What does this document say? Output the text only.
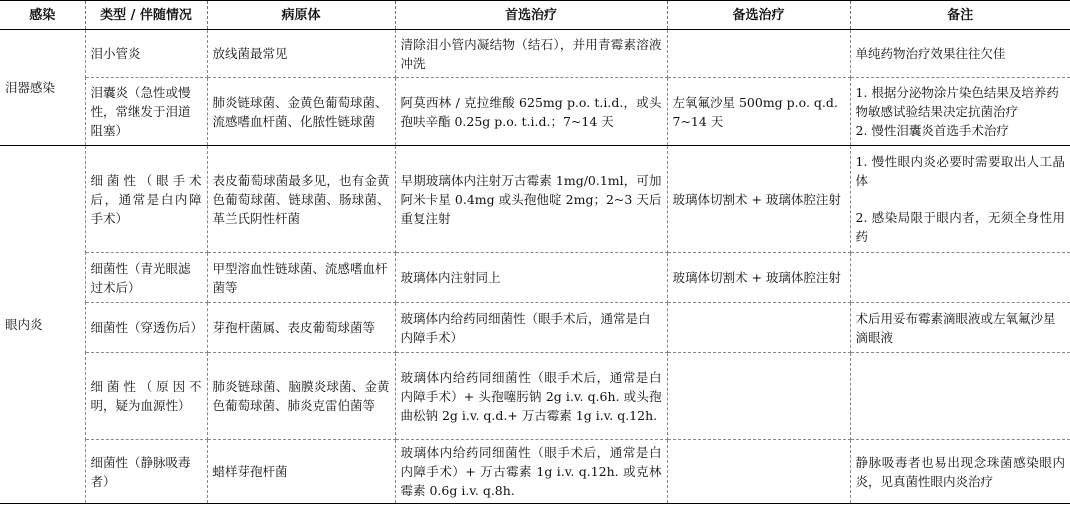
感染	类型 / 伴随情况	病原体	首选治疗	备选治疗	备注
泪器感染	泪小管炎	放线菌最常见	清除泪小管内凝结物（结石），并用青霉素溶液冲洗		单纯药物治疗效果往往欠佳
	泪囊炎（急性或慢性，常继发于泪道阻塞）	肺炎链球菌、金黄色葡萄球菌、流感嗜血杆菌、化脓性链球菌	阿莫西林 / 克拉维酸 625mg p.o. t.i.d.，或头孢呋辛酯 0.25g p.o. t.i.d.；7~14 天	左氧氟沙星 500mg p.o. q.d. 7~14 天	1. 根据分泌物涂片染色结果及培养药物敏感试验结果决定抗菌治疗
2. 慢性泪囊炎首选手术治疗

眼内炎	细菌性（眼手术后，通常是白内障手术）	表皮葡萄球菌最多见，也有金黄色葡萄球菌、链球菌、肠球菌、革兰氏阴性杆菌	早期玻璃体内注射万古霉素 1mg/0.1ml，可加阿米卡星 0.4mg 或头孢他啶 2mg；2~3 天后重复注射	玻璃体切割术 + 玻璃体腔注射	1. 慢性眼内炎必要时需要取出人工晶体
2. 感染局限于眼内者，无须全身性用药

	细菌性（青光眼滤过术后）	甲型溶血性链球菌、流感嗜血杆菌等	玻璃体内注射同上	玻璃体切割术 + 玻璃体腔注射	
	细菌性（穿透伤后）	芽孢杆菌属、表皮葡萄球菌等	玻璃体内给药同细菌性（眼手术后，通常是白内障手术）		术后用妥布霉素滴眼液或左氧氟沙星滴眼液
	细菌性（原因不明，疑为血源性）	肺炎链球菌、脑膜炎球菌、金黄色葡萄球菌、肺炎克雷伯菌等	玻璃体内给药同细菌性（眼手术后，通常是白内障手术）+ 头孢噻肟钠 2g i.v. q.6h. 或头孢曲松钠 2g i.v. q.d.+ 万古霉素 1g i.v. q.12h.		
	细菌性（静脉吸毒者）	蜡样芽孢杆菌	玻璃体内给药同细菌性（眼手术后，通常是白内障手术）+ 万古霉素 1g i.v. q.12h. 或克林霉素 0.6g i.v. q.8h.		静脉吸毒者也易出现念珠菌感染眼内炎，见真菌性眼内炎治疗
